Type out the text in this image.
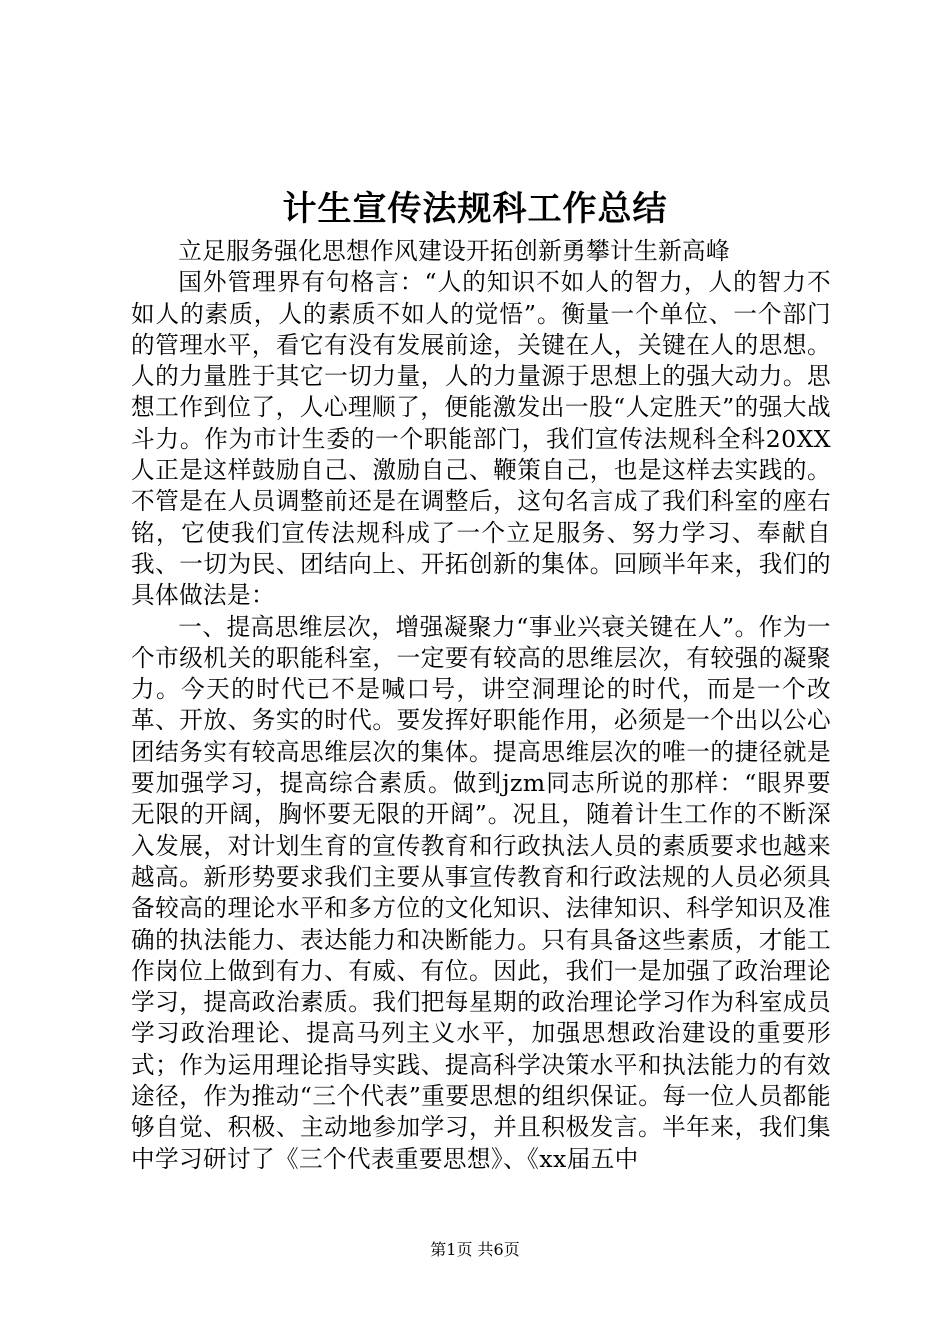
计生宣传法规科工作总结

立足服务强化思想作风建设开拓创新勇攀计生新高峰

国外管理界有句格言：“人的知识不如人的智力，人的智力不如人的素质，人的素质不如人的觉悟”。衡量一个单位、一个部门的管理水平，看它有没有发展前途，关键在人，关键在人的思想。人的力量胜于其它一切力量，人的力量源于思想上的强大动力。思想工作到位了，人心理顺了，便能激发出一股“人定胜天”的强大战斗力。作为市计生委的一个职能部门，我们宣传法规科全科20XX人正是这样鼓励自己、激励自己、鞭策自己，也是这样去实践的。不管是在人员调整前还是在调整后，这句名言成了我们科室的座右铭，它使我们宣传法规科成了一个立足服务、努力学习、奉献自我、一切为民、团结向上、开拓创新的集体。回顾半年来，我们的具体做法是：

一、提高思维层次，增强凝聚力“事业兴衰关键在人”。作为一个市级机关的职能科室，一定要有较高的思维层次，有较强的凝聚力。今天的时代已不是喊口号，讲空洞理论的时代，而是一个改革、开放、务实的时代。要发挥好职能作用，必须是一个出以公心团结务实有较高思维层次的集体。提高思维层次的唯一的捷径就是要加强学习，提高综合素质。做到jzm同志所说的那样：“眼界要无限的开阔，胸怀要无限的开阔”。况且，随着计生工作的不断深入发展，对计划生育的宣传教育和行政执法人员的素质要求也越来越高。新形势要求我们主要从事宣传教育和行政法规的人员必须具备较高的理论水平和多方位的文化知识、法律知识、科学知识及准确的执法能力、表达能力和决断能力。只有具备这些素质，才能工作岗位上做到有力、有威、有位。因此，我们一是加强了政治理论学习，提高政治素质。我们把每星期的政治理论学习作为科室成员学习政治理论、提高马列主义水平，加强思想政治建设的重要形式；作为运用理论指导实践、提高科学决策水平和执法能力的有效途径，作为推动“三个代表”重要思想的组织保证。每一位人员都能够自觉、积极、主动地参加学习，并且积极发言。半年来，我们集中学习研讨了《三个代表重要思想》、《xx届五中

第1页 共6页
